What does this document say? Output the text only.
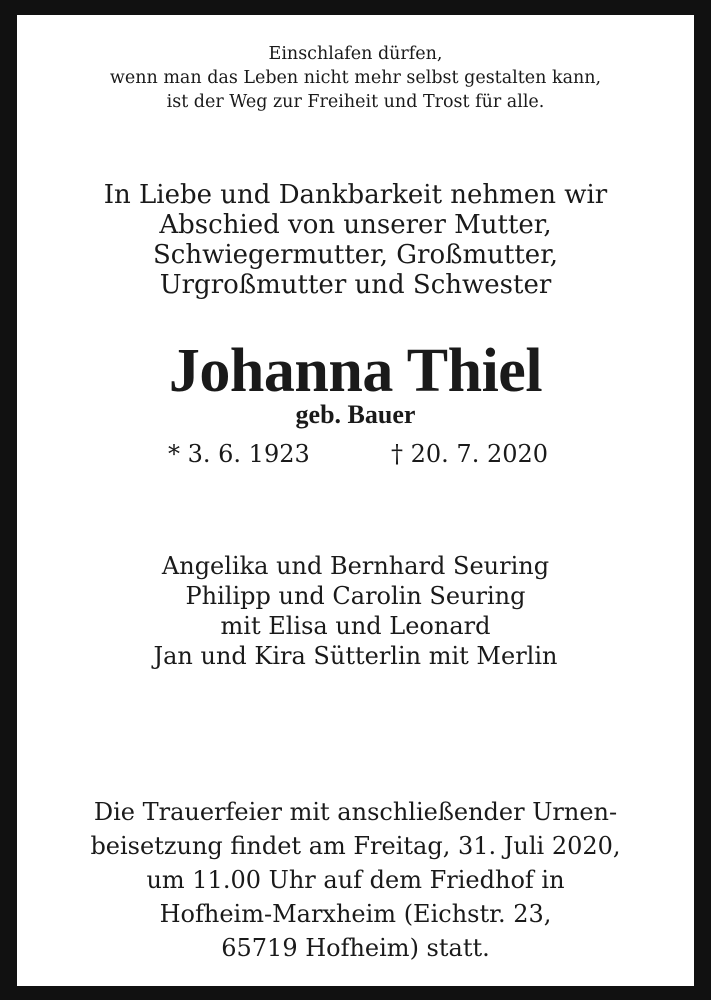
Einschlafen dürfen,
wenn man das Leben nicht mehr selbst gestalten kann,
ist der Weg zur Freiheit und Trost für alle.
In Liebe und Dankbarkeit nehmen wir
Abschied von unserer Mutter,
Schwiegermutter, Großmutter,
Urgroßmutter und Schwester
Johanna Thiel
geb. Bauer
* 3. 6. 1923	† 20. 7. 2020
Angelika und Bernhard Seuring
Philipp und Carolin Seuring
mit Elisa und Leonard
Jan und Kira Sütterlin mit Merlin
Die Trauerfeier mit anschließender Urnen-
beisetzung findet am Freitag, 31. Juli 2020,
um 11.00 Uhr auf dem Friedhof in
Hofheim-Marxheim (Eichstr. 23,
65719 Hofheim) statt.
